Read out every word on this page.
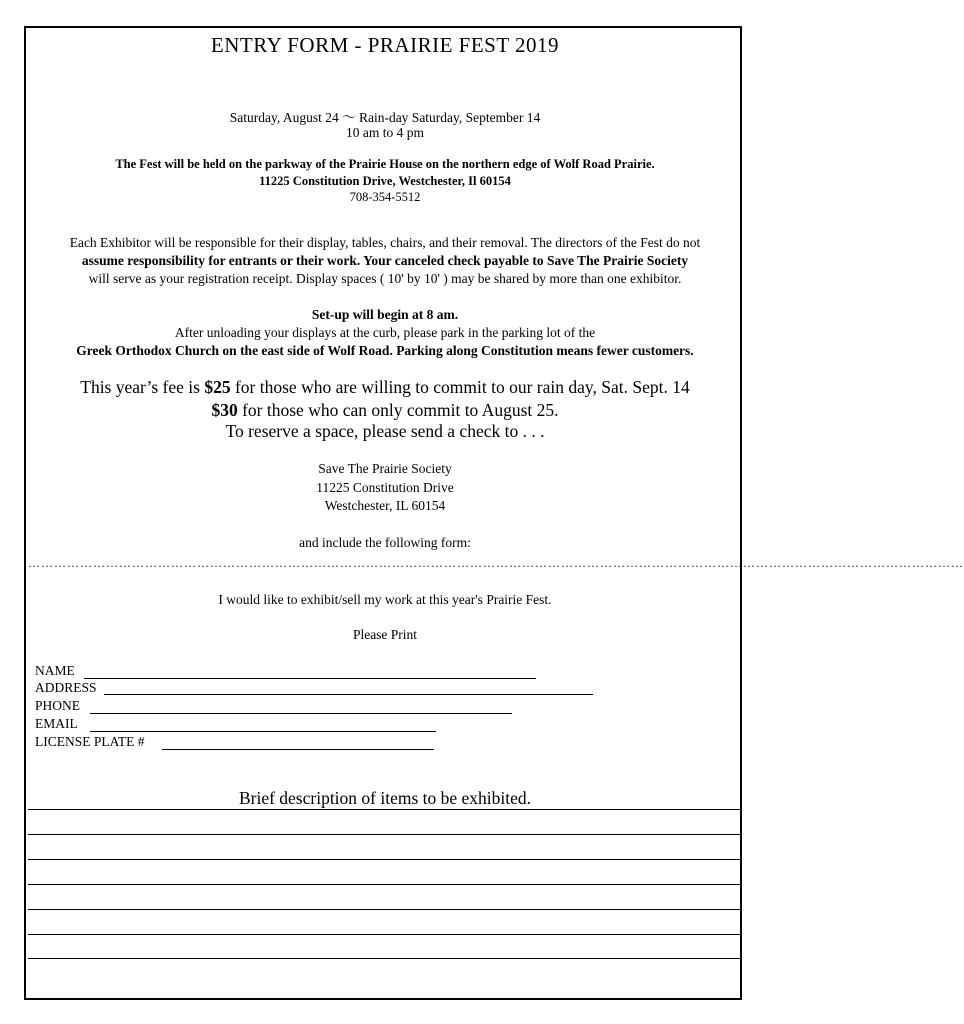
ENTRY FORM - PRAIRIE FEST 2019
Saturday, August 24 〜 Rain-day Saturday, September 14
10 am to 4 pm
The Fest will be held on the parkway of the Prairie House on the northern edge of Wolf Road Prairie.
11225 Constitution Drive, Westchester, Il 60154
708-354-5512
Each Exhibitor will be responsible for their display, tables, chairs, and their removal. The directors of the Fest do not
assume responsibility for entrants or their work. Your canceled check payable to Save The Prairie Society
will serve as your registration receipt. Display spaces ( 10' by 10' ) may be shared by more than one exhibitor.
Set-up will begin at 8 am.
After unloading your displays at the curb, please park in the parking lot of the
Greek Orthodox Church on the east side of Wolf Road. Parking along Constitution means fewer customers.
This year’s fee is $25 for those who are willing to commit to our rain day, Sat. Sept. 14
$30 for those who can only commit to August 25.
To reserve a space, please send a check to . . .
Save The Prairie Society
11225 Constitution Drive
Westchester, IL 60154
and include the following form:
………………………………………………………………………………………………………………………………………………………………………………………………
I would like to exhibit/sell my work at this year's Prairie Fest.
Please Print
NAME
ADDRESS
PHONE
EMAIL
LICENSE PLATE #
Brief description of items to be exhibited.
